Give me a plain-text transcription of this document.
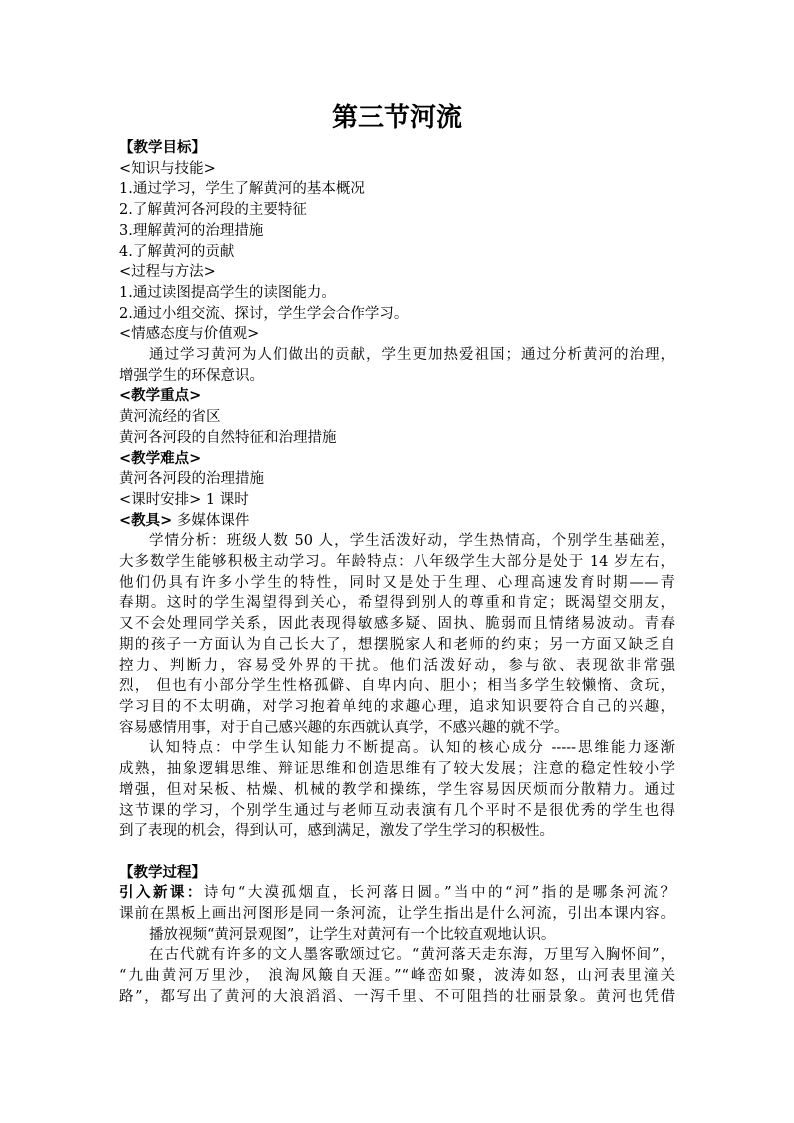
第三节河流

【教学目标】

<知识与技能>

1.通过学习，学生了解黄河的基本概况

2.了解黄河各河段的主要特征

3.理解黄河的治理措施

4.了解黄河的贡献

<过程与方法>

1.通过读图提高学生的读图能力。

2.通过小组交流、探讨，学生学会合作学习。

<情感态度与价值观>

通过学习黄河为人们做出的贡献，学生更加热爱祖国；通过分析黄河的治理，

增强学生的环保意识。

<教学重点>

黄河流经的省区

黄河各河段的自然特征和治理措施

<教学难点>

黄河各河段的治理措施

<课时安排> 1 课时

<教具> 多媒体课件

学情分析：班级人数 50 人，学生活泼好动，学生热情高，个别学生基础差，

大多数学生能够积极主动学习。年龄特点：八年级学生大部分是处于 14 岁左右，

他们仍具有许多小学生的特性，同时又是处于生理、心理高速发育时期——青

春期。这时的学生渴望得到关心，希望得到别人的尊重和肯定；既渴望交朋友，

又不会处理同学关系，因此表现得敏感多疑、固执、脆弱而且情绪易波动。青春

期的孩子一方面认为自己长大了，想摆脱家人和老师的约束；另一方面又缺乏自

控力、判断力，容易受外界的干扰。他们活泼好动，参与欲、表现欲非常强

烈， 但也有小部分学生性格孤僻、自卑内向、胆小；相当多学生较懒惰、贪玩，

学习目的不太明确，对学习抱着单纯的求趣心理，追求知识要符合自己的兴趣，

容易感情用事，对于自己感兴趣的东西就认真学，不感兴趣的就不学。

认知特点：中学生认知能力不断提高。认知的核心成分 -----思维能力逐渐

成熟，抽象逻辑思维、辩证思维和创造思维有了较大发展；注意的稳定性较小学

增强，但对呆板、枯燥、机械的教学和操练，学生容易因厌烦而分散精力。通过

这节课的学习，个别学生通过与老师互动表演有几个平时不是很优秀的学生也得

到了表现的机会，得到认可，感到满足，激发了学生学习的积极性。

【教学过程】

引入新课：诗句“大漠孤烟直，长河落日圆。”当中的“河”指的是哪条河流？

课前在黑板上画出河图形是同一条河流，让学生指出是什么河流，引出本课内容。

播放视频“黄河景观图”，让学生对黄河有一个比较直观地认识。

在古代就有许多的文人墨客歌颂过它。“黄河落天走东海，万里写入胸怀间”，

“九曲黄河万里沙， 浪淘风簸自天涯。”“峰峦如聚，波涛如怒，山河表里潼关

路”，都写出了黄河的大浪滔滔、一泻千里、不可阻挡的壮丽景象。黄河也凭借
